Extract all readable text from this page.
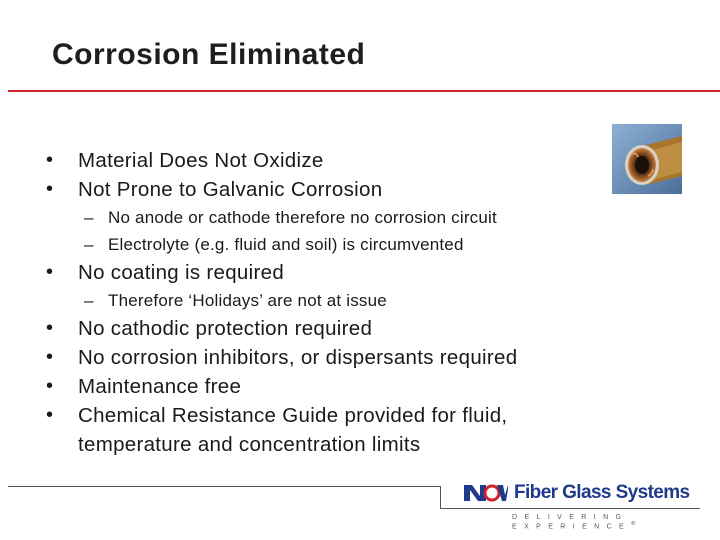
Corrosion Eliminated
• Material Does Not Oxidize
• Not Prone to Galvanic Corrosion
– No anode or cathode therefore no corrosion circuit
– Electrolyte (e.g. fluid and soil) is circumvented
• No coating is required
– Therefore ‘Holidays’ are not at issue
• No cathodic protection required
• No corrosion inhibitors, or dispersants required
• Maintenance free
• Chemical Resistance Guide provided for fluid, temperature and concentration limits
Fiber Glass Systems
DELIVERING EXPERIENCE®
